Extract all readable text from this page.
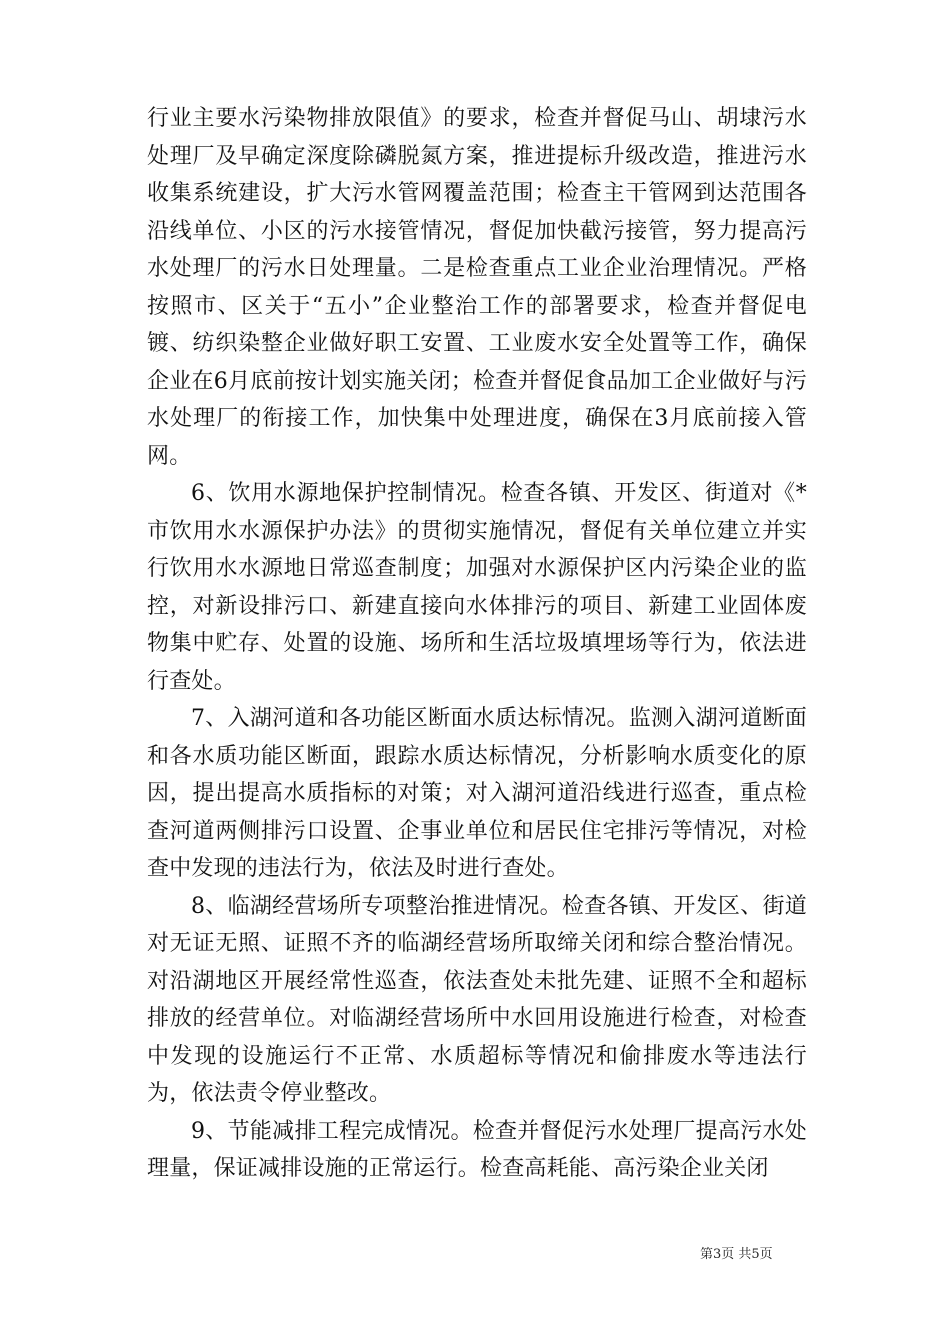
行业主要水污染物排放限值》的要求，检查并督促马山、胡埭污水处理厂及早确定深度除磷脱氮方案，推进提标升级改造，推进污水收集系统建设，扩大污水管网覆盖范围；检查主干管网到达范围各沿线单位、小区的污水接管情况，督促加快截污接管，努力提高污水处理厂的污水日处理量。二是检查重点工业企业治理情况。严格按照市、区关于“五小”企业整治工作的部署要求，检查并督促电镀、纺织染整企业做好职工安置、工业废水安全处置等工作，确保企业在6月底前按计划实施关闭；检查并督促食品加工企业做好与污水处理厂的衔接工作，加快集中处理进度，确保在3月底前接入管网。

6、饮用水源地保护控制情况。检查各镇、开发区、街道对《*市饮用水水源保护办法》的贯彻实施情况，督促有关单位建立并实行饮用水水源地日常巡查制度；加强对水源保护区内污染企业的监控，对新设排污口、新建直接向水体排污的项目、新建工业固体废物集中贮存、处置的设施、场所和生活垃圾填埋场等行为，依法进行查处。

7、入湖河道和各功能区断面水质达标情况。监测入湖河道断面和各水质功能区断面，跟踪水质达标情况，分析影响水质变化的原因，提出提高水质指标的对策；对入湖河道沿线进行巡查，重点检查河道两侧排污口设置、企事业单位和居民住宅排污等情况，对检查中发现的违法行为，依法及时进行查处。

8、临湖经营场所专项整治推进情况。检查各镇、开发区、街道对无证无照、证照不齐的临湖经营场所取缔关闭和综合整治情况。对沿湖地区开展经常性巡查，依法查处未批先建、证照不全和超标排放的经营单位。对临湖经营场所中水回用设施进行检查，对检查中发现的设施运行不正常、水质超标等情况和偷排废水等违法行为，依法责令停业整改。

9、节能减排工程完成情况。检查并督促污水处理厂提高污水处理量，保证减排设施的正常运行。检查高耗能、高污染企业关闭

第3页 共5页
